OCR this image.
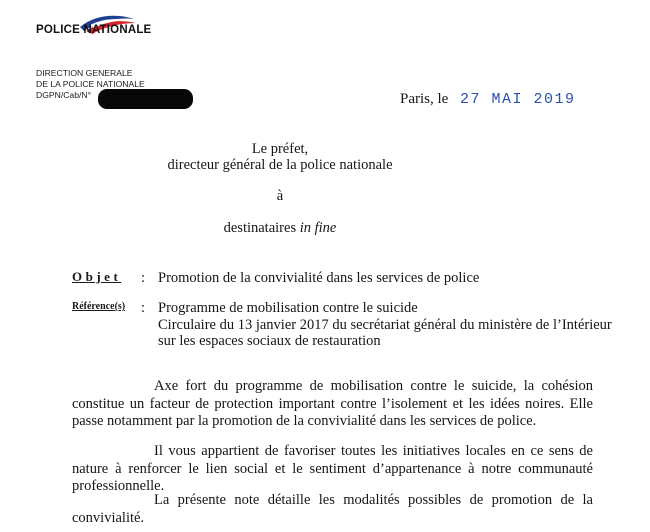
POLICE NATIONALE
DIRECTION GENERALE
DE LA POLICE NATIONALE
DGPN/Cab/N°	Paris, le 27 MAI 2019
Le préfet,
directeur général de la police nationale
à
destinataires in fine
Objet : Promotion de la convivialité dans les services de police
Référence(s) : Programme de mobilisation contre le suicide
Circulaire du 13 janvier 2017 du secrétariat général du ministère de l’Intérieur
sur les espaces sociaux de restauration
Axe fort du programme de mobilisation contre le suicide, la cohésion constitue un facteur de protection important contre l’isolement et les idées noires. Elle passe notamment par la promotion de la convivialité dans les services de police.
Il vous appartient de favoriser toutes les initiatives locales en ce sens de nature à renforcer le lien social et le sentiment d’appartenance à notre communauté professionnelle.
La présente note détaille les modalités possibles de promotion de la convivialité.
